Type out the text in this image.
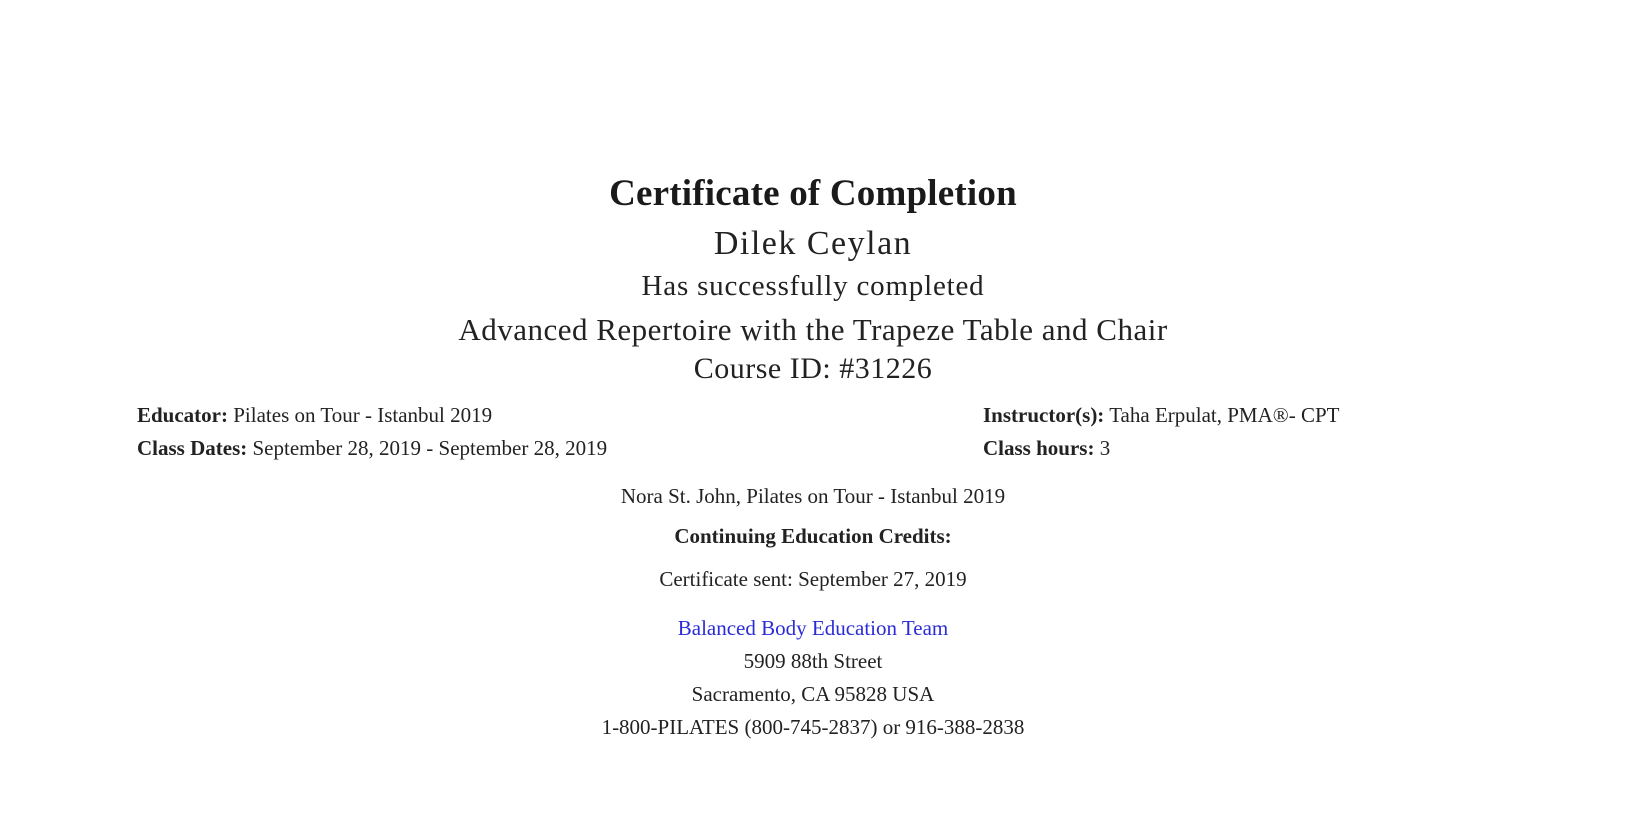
Certificate of Completion
Dilek Ceylan
Has successfully completed
Advanced Repertoire with the Trapeze Table and Chair
Course ID: #31226
Educator: Pilates on Tour - Istanbul 2019
Class Dates: September 28, 2019 - September 28, 2019
Instructor(s): Taha Erpulat, PMA®- CPT
Class hours: 3
Nora St. John, Pilates on Tour - Istanbul 2019
Continuing Education Credits:
Certificate sent: September 27, 2019
Balanced Body Education Team
5909 88th Street
Sacramento, CA 95828 USA
1-800-PILATES (800-745-2837) or 916-388-2838
